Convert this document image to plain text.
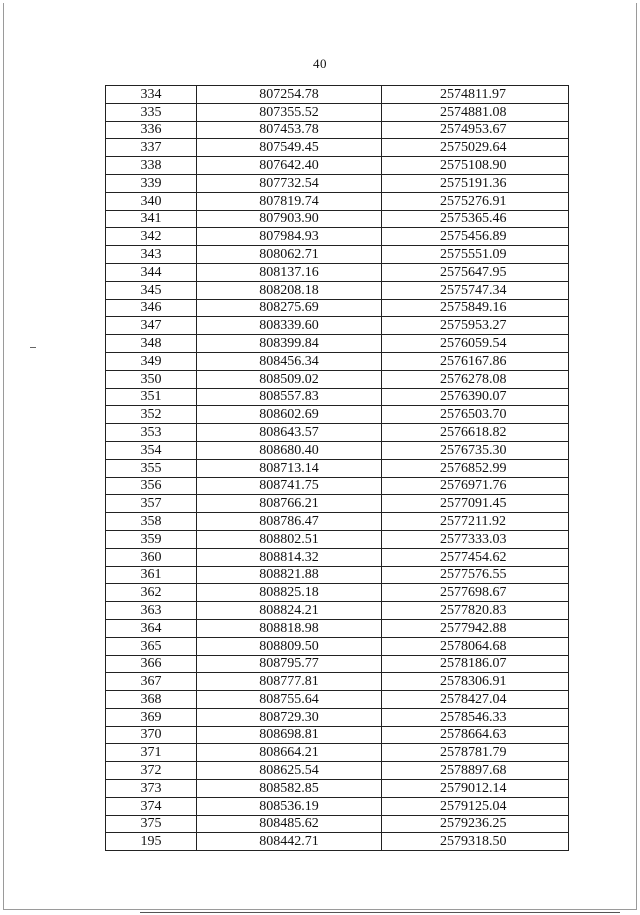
40
334	807254.78	2574811.97
335	807355.52	2574881.08
336	807453.78	2574953.67
337	807549.45	2575029.64
338	807642.40	2575108.90
339	807732.54	2575191.36
340	807819.74	2575276.91
341	807903.90	2575365.46
342	807984.93	2575456.89
343	808062.71	2575551.09
344	808137.16	2575647.95
345	808208.18	2575747.34
346	808275.69	2575849.16
347	808339.60	2575953.27
348	808399.84	2576059.54
349	808456.34	2576167.86
350	808509.02	2576278.08
351	808557.83	2576390.07
352	808602.69	2576503.70
353	808643.57	2576618.82
354	808680.40	2576735.30
355	808713.14	2576852.99
356	808741.75	2576971.76
357	808766.21	2577091.45
358	808786.47	2577211.92
359	808802.51	2577333.03
360	808814.32	2577454.62
361	808821.88	2577576.55
362	808825.18	2577698.67
363	808824.21	2577820.83
364	808818.98	2577942.88
365	808809.50	2578064.68
366	808795.77	2578186.07
367	808777.81	2578306.91
368	808755.64	2578427.04
369	808729.30	2578546.33
370	808698.81	2578664.63
371	808664.21	2578781.79
372	808625.54	2578897.68
373	808582.85	2579012.14
374	808536.19	2579125.04
375	808485.62	2579236.25
195	808442.71	2579318.50
